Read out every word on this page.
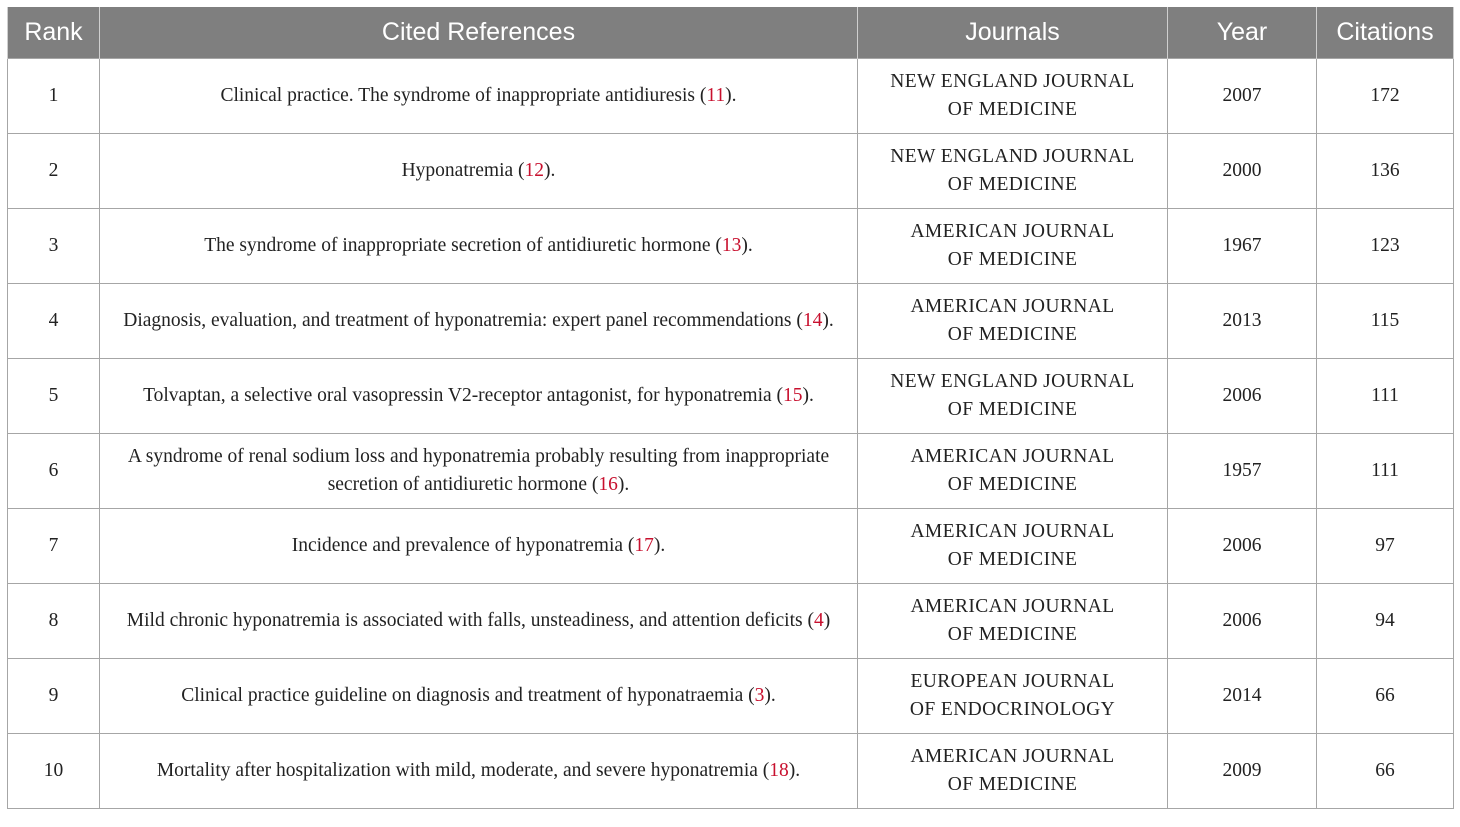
Rank	Cited References	Journals	Year	Citations
1	Clinical practice. The syndrome of inappropriate antidiuresis (11).	NEW ENGLAND JOURNAL
OF MEDICINE	2007	172
2	Hyponatremia (12).	NEW ENGLAND JOURNAL
OF MEDICINE	2000	136
3	The syndrome of inappropriate secretion of antidiuretic hormone (13).	AMERICAN JOURNAL
OF MEDICINE	1967	123
4	Diagnosis, evaluation, and treatment of hyponatremia: expert panel recommendations (14).	AMERICAN JOURNAL
OF MEDICINE	2013	115
5	Tolvaptan, a selective oral vasopressin V2-receptor antagonist, for hyponatremia (15).	NEW ENGLAND JOURNAL
OF MEDICINE	2006	111
6	A syndrome of renal sodium loss and hyponatremia probably resulting from inappropriate secretion of antidiuretic hormone (16).	AMERICAN JOURNAL
OF MEDICINE	1957	111
7	Incidence and prevalence of hyponatremia (17).	AMERICAN JOURNAL
OF MEDICINE	2006	97
8	Mild chronic hyponatremia is associated with falls, unsteadiness, and attention deficits (4)	AMERICAN JOURNAL
OF MEDICINE	2006	94
9	Clinical practice guideline on diagnosis and treatment of hyponatraemia (3).	EUROPEAN JOURNAL
OF ENDOCRINOLOGY	2014	66
10	Mortality after hospitalization with mild, moderate, and severe hyponatremia (18).	AMERICAN JOURNAL
OF MEDICINE	2009	66
